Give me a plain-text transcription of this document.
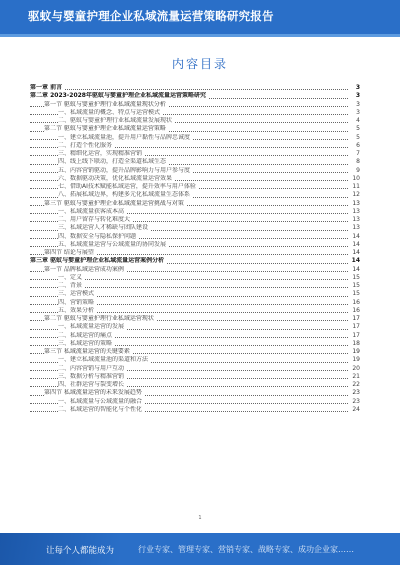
驱蚊与婴童护理企业私域流量运营策略研究报告
内容目录
第一章 前言	3
第二章 2023-2028年驱蚊与婴童护理企业私域流量运营策略研究	3
第一节 驱蚊与婴童护理行业私域流量现状分析	3
一、私域流量的概念、特点与运营模式	3
二、驱蚊与婴童护理行业私域流量发展现状	4
第二节 驱蚊与婴童护理企业私域流量运营策略	5
一、建立私域流量池，提升用户黏性与品牌忠诚度	5
二、打造个性化服务	6
三、精细化运营，实现精准营销	7
四、线上线下联动，打造全渠道私域生态	8
五、内容营销驱动，提升品牌影响力与用户参与度	9
六、数据驱动决策，优化私域流量运营效果	10
七、借助AI技术赋能私域运营，提升效率与用户体验	11
八、拓展私域边界，构建多元化私域流量生态体系	12
第三节 驱蚊与婴童护理企业私域流量运营挑战与对策	13
一、私域流量获客成本高	13
二、用户留存与转化难度大	13
三、私域运营人才稀缺与团队建设	13
四、数据安全与隐私保护问题	14
五、私域流量运营与公域流量的协同发展	14
第四节 结论与展望	14
第三章 驱蚊与婴童护理企业私域流量运营案例分析	14
第一节 品牌私域运营成功案例	14
一、定义	15
二、背景	15
三、运营模式	15
四、营销策略	16
五、效果分析	16
第二节 驱蚊与婴童护理行业私域运营现状	17
一、私域流量运营的发展	17
二、私域运营的痛点	17
三、私域运营的策略	18
第三节 私域流量运营的关键要素	19
一、建立私域流量池的渠道和方法	19
二、内容营销与用户互动	20
三、数据分析与精准营销	21
四、社群运营与裂变增长	22
第四节 私域流量运营的未来发展趋势	23
一、私域流量与公域流量的融合	23
二、私域运营的智能化与个性化	24
1
让每个人都能成为	行业专家、管理专家、营销专家、战略专家、成功企业家……
